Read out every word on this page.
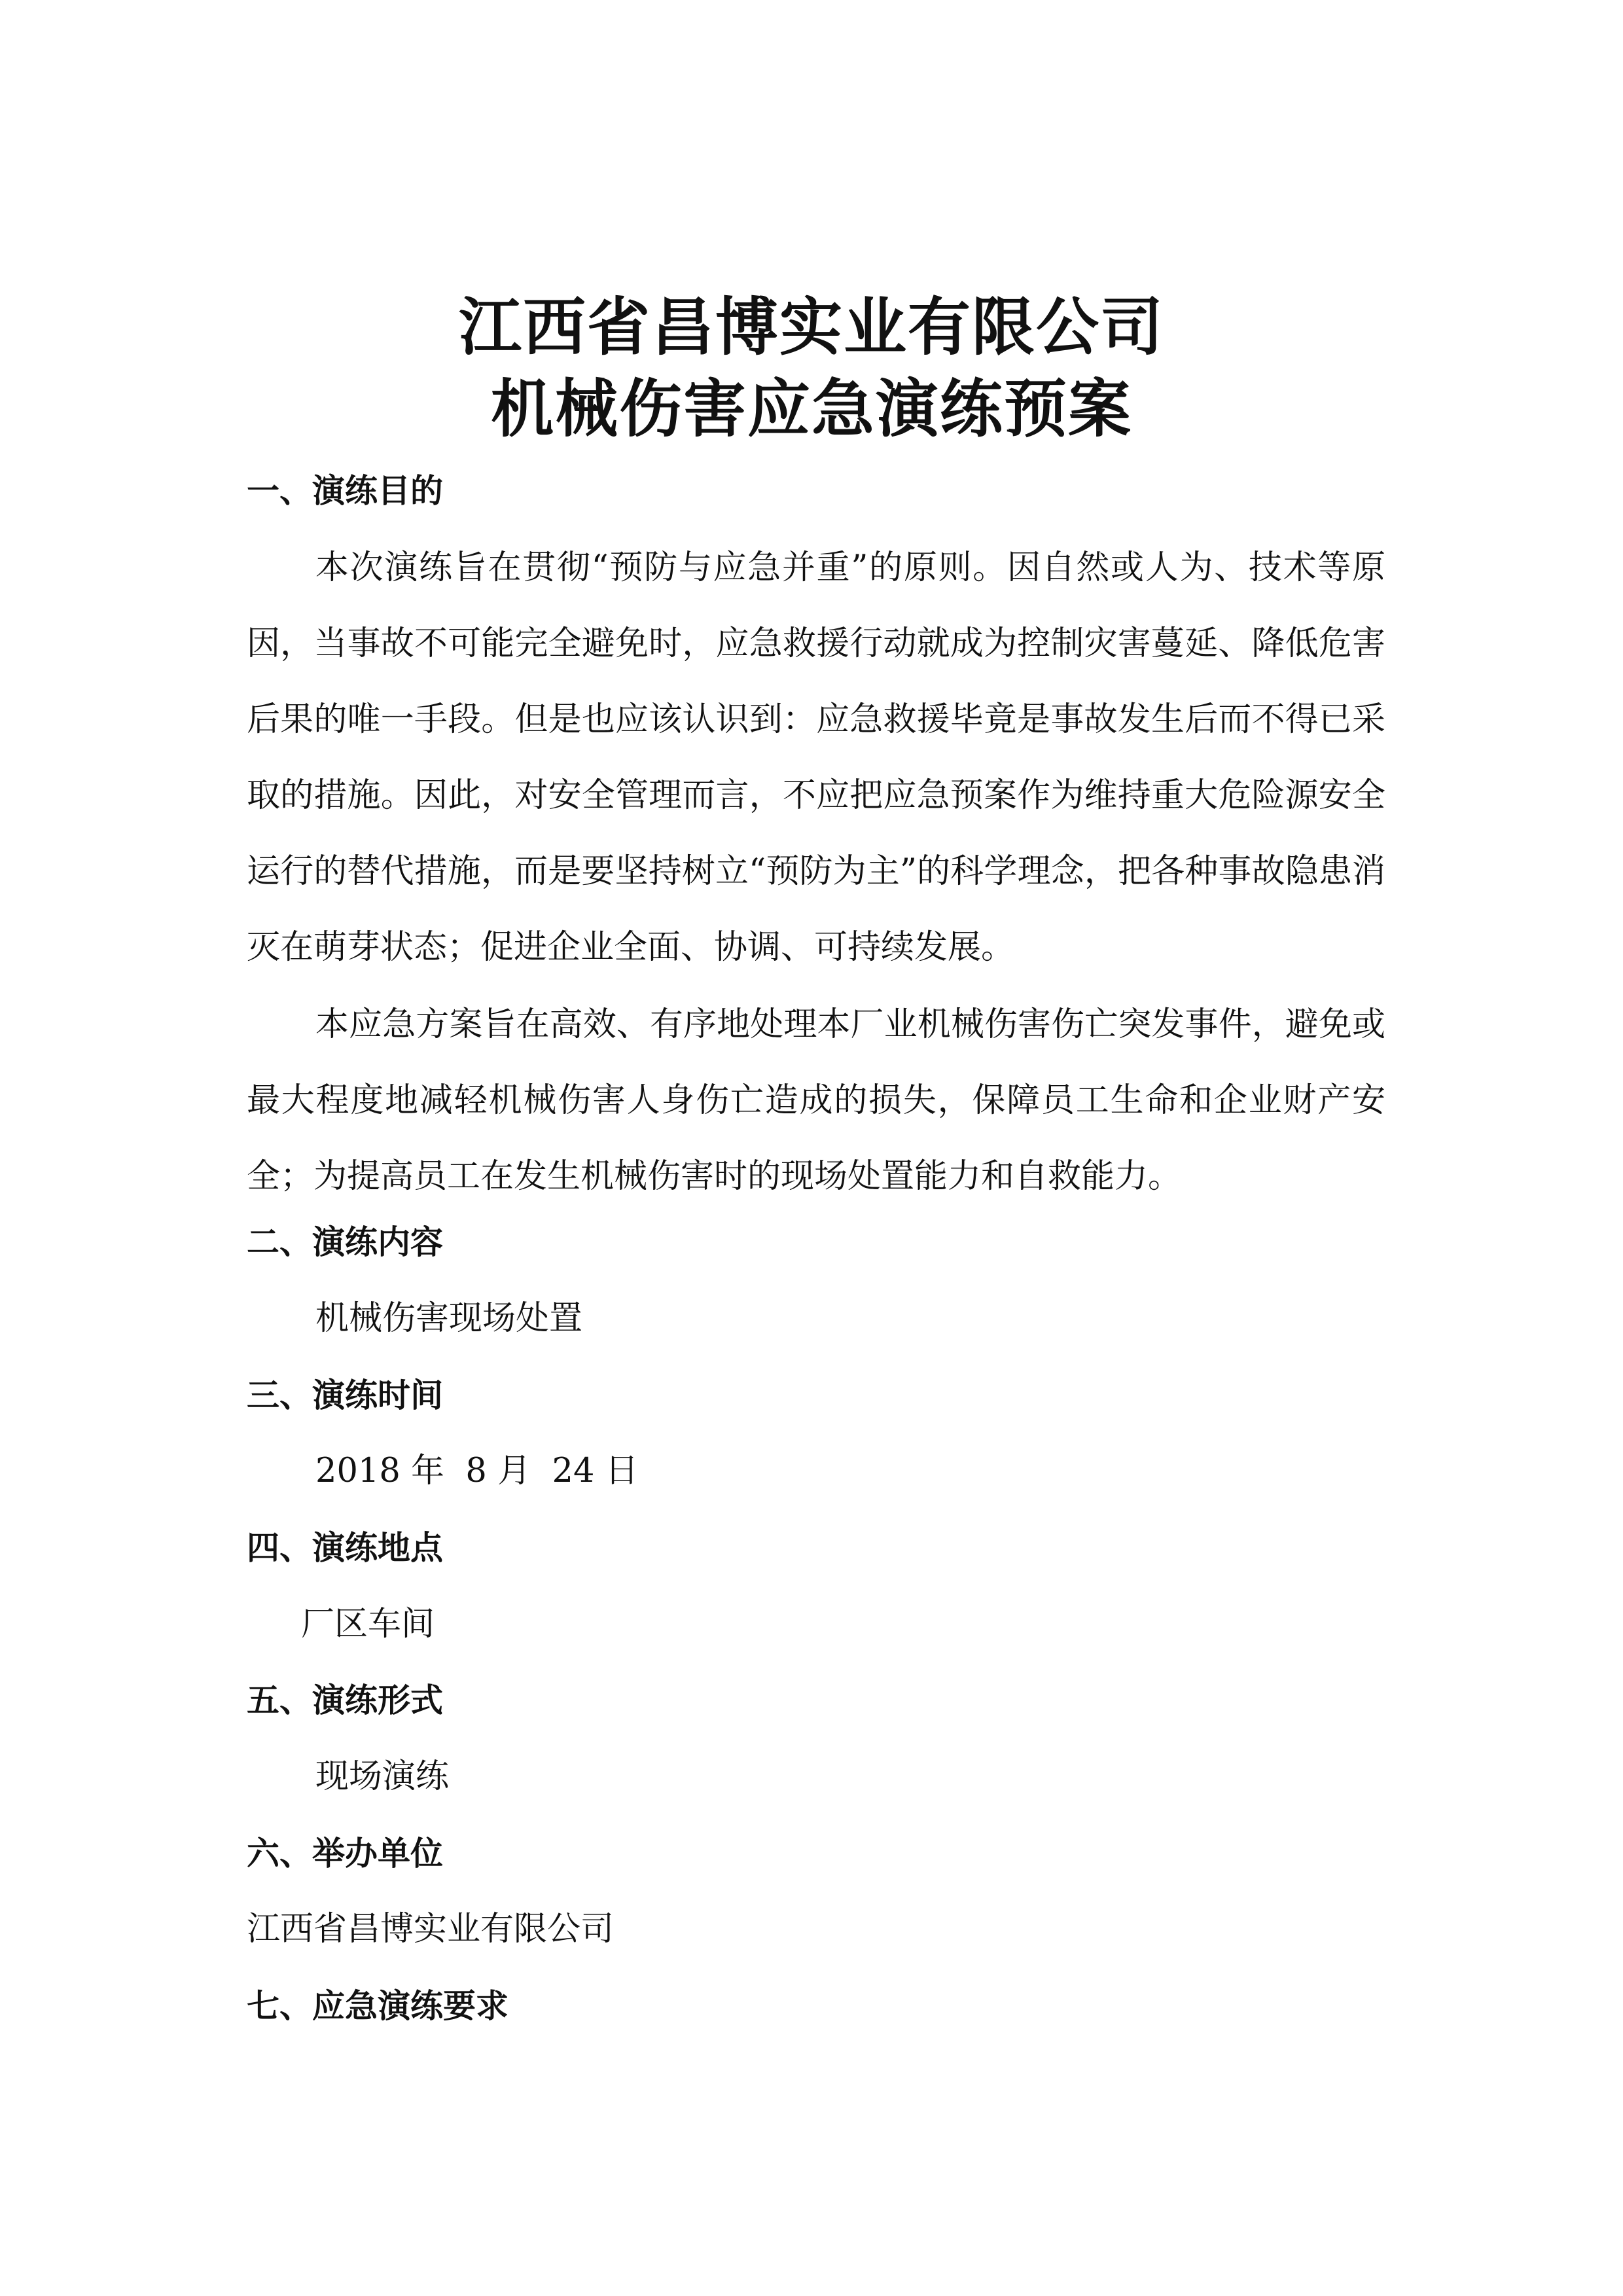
江西省昌博实业有限公司
机械伤害应急演练预案
一、演练目的

本次演练旨在贯彻“预防与应急并重”的原则。因自然或人为、技术等原因，当事故不可能完全避免时，应急救援行动就成为控制灾害蔓延、降低危害后果的唯一手段。但是也应该认识到：应急救援毕竟是事故发生后而不得已采取的措施。因此，对安全管理而言，不应把应急预案作为维持重大危险源安全运行的替代措施，而是要坚持树立“预防为主”的科学理念，把各种事故隐患消灭在萌芽状态；促进企业全面、协调、可持续发展。

本应急方案旨在高效、有序地处理本厂业机械伤害伤亡突发事件，避免或最大程度地减轻机械伤害人身伤亡造成的损失，保障员工生命和企业财产安全；为提高员工在发生机械伤害时的现场处置能力和自救能力。

二、演练内容

机械伤害现场处置

三、演练时间

2018 年  8 月  24 日

四、演练地点

厂区车间

五、演练形式

现场演练

六、举办单位

江西省昌博实业有限公司

七、应急演练要求
